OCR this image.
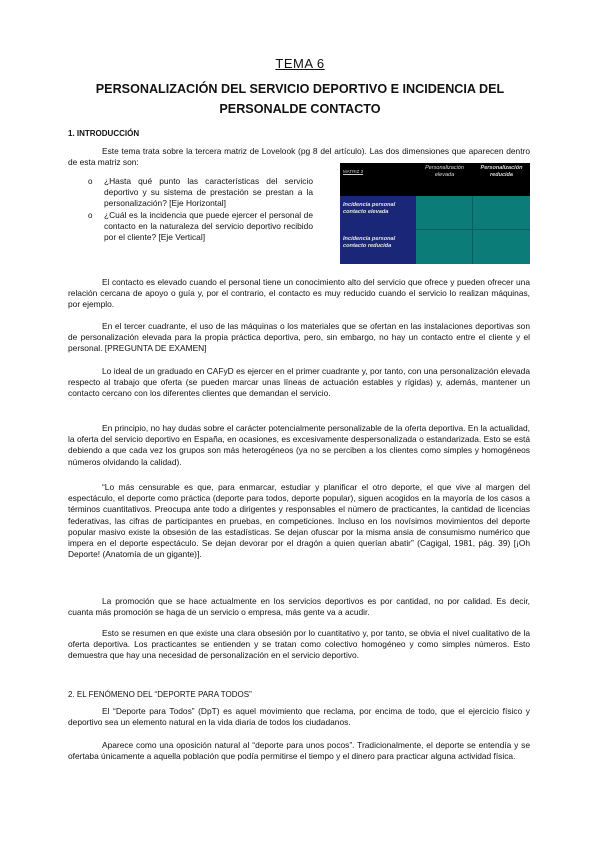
TEMA 6
PERSONALIZACIÓN DEL SERVICIO DEPORTIVO E INCIDENCIA DEL PERSONALDE CONTACTO
1. INTRODUCCIÓN
Este tema trata sobre la tercera matriz de Lovelook (pg 8 del artículo). Las dos dimensiones que aparecen dentro de esta matriz son:
o ¿Hasta qué punto las características del servicio deportivo y su sistema de prestación se prestan a la personalización? [Eje Horizontal]
o ¿Cuál es la incidencia que puede ejercer el personal de contacto en la naturaleza del servicio deportivo recibido por el cliente? [Eje Vertical]
MATRIZ 3
Personalización elevada
Personalización reducida
Incidencia personal contacto elevada
Incidencia personal contacto reducida
El contacto es elevado cuando el personal tiene un conocimiento alto del servicio que ofrece y pueden ofrecer una relación cercana de apoyo o guía y, por el contrario, el contacto es muy reducido cuando el servicio lo realizan máquinas, por ejemplo.
En el tercer cuadrante, el uso de las máquinas o los materiales que se ofertan en las instalaciones deportivas son de personalización elevada para la propia práctica deportiva, pero, sin embargo, no hay un contacto entre el cliente y el personal. [PREGUNTA DE EXAMEN]
Lo ideal de un graduado en CAFyD es ejercer en el primer cuadrante y, por tanto, con una personalización elevada respecto al trabajo que oferta (se pueden marcar unas líneas de actuación estables y rígidas) y, además, mantener un contacto cercano con los diferentes clientes que demandan el servicio.
En principio, no hay dudas sobre el carácter potencialmente personalizable de la oferta deportiva. En la actualidad, la oferta del servicio deportivo en España, en ocasiones, es excesivamente despersonalizada o estandarizada. Esto se está debiendo a que cada vez los grupos son más heterogéneos (ya no se perciben a los clientes como simples y homogéneos números olvidando la calidad).
“Lo más censurable es que, para enmarcar, estudiar y planificar el otro deporte, el que vive al margen del espectáculo, el deporte como práctica (deporte para todos, deporte popular), siguen acogidos en la mayoría de los casos a términos cuantitativos. Preocupa ante todo a dirigentes y responsables el número de practicantes, la cantidad de licencias federativas, las cifras de participantes en pruebas, en competiciones. Incluso en los novísimos movimientos del deporte popular masivo existe la obsesión de las estadísticas. Se dejan ofuscar por la misma ansia de consumismo numérico que impera en el deporte espectáculo. Se dejan devorar por el dragón a quien querían abatir” (Cagigal, 1981, pág. 39) [¡Oh Deporte! (Anatomía de un gigante)].
La promoción que se hace actualmente en los servicios deportivos es por cantidad, no por calidad. Es decir, cuanta más promoción se haga de un servicio o empresa, más gente va a acudir.
Esto se resumen en que existe una clara obsesión por lo cuantitativo y, por tanto, se obvia el nivel cualitativo de la oferta deportiva. Los practicantes se entienden y se tratan como colectivo homogéneo y como simples números. Esto demuestra que hay una necesidad de personalización en el servicio deportivo.
2. EL FENÓMENO DEL “DEPORTE PARA TODOS”
El “Deporte para Todos” (DpT) es aquel movimiento que reclama, por encima de todo, que el ejercicio físico y deportivo sea un elemento natural en la vida diaria de todos los ciudadanos.
Aparece como una oposición natural al “deporte para unos pocos”. Tradicionalmente, el deporte se entendía y se ofertaba únicamente a aquella población que podía permitirse el tiempo y el dinero para practicar alguna actividad física.
